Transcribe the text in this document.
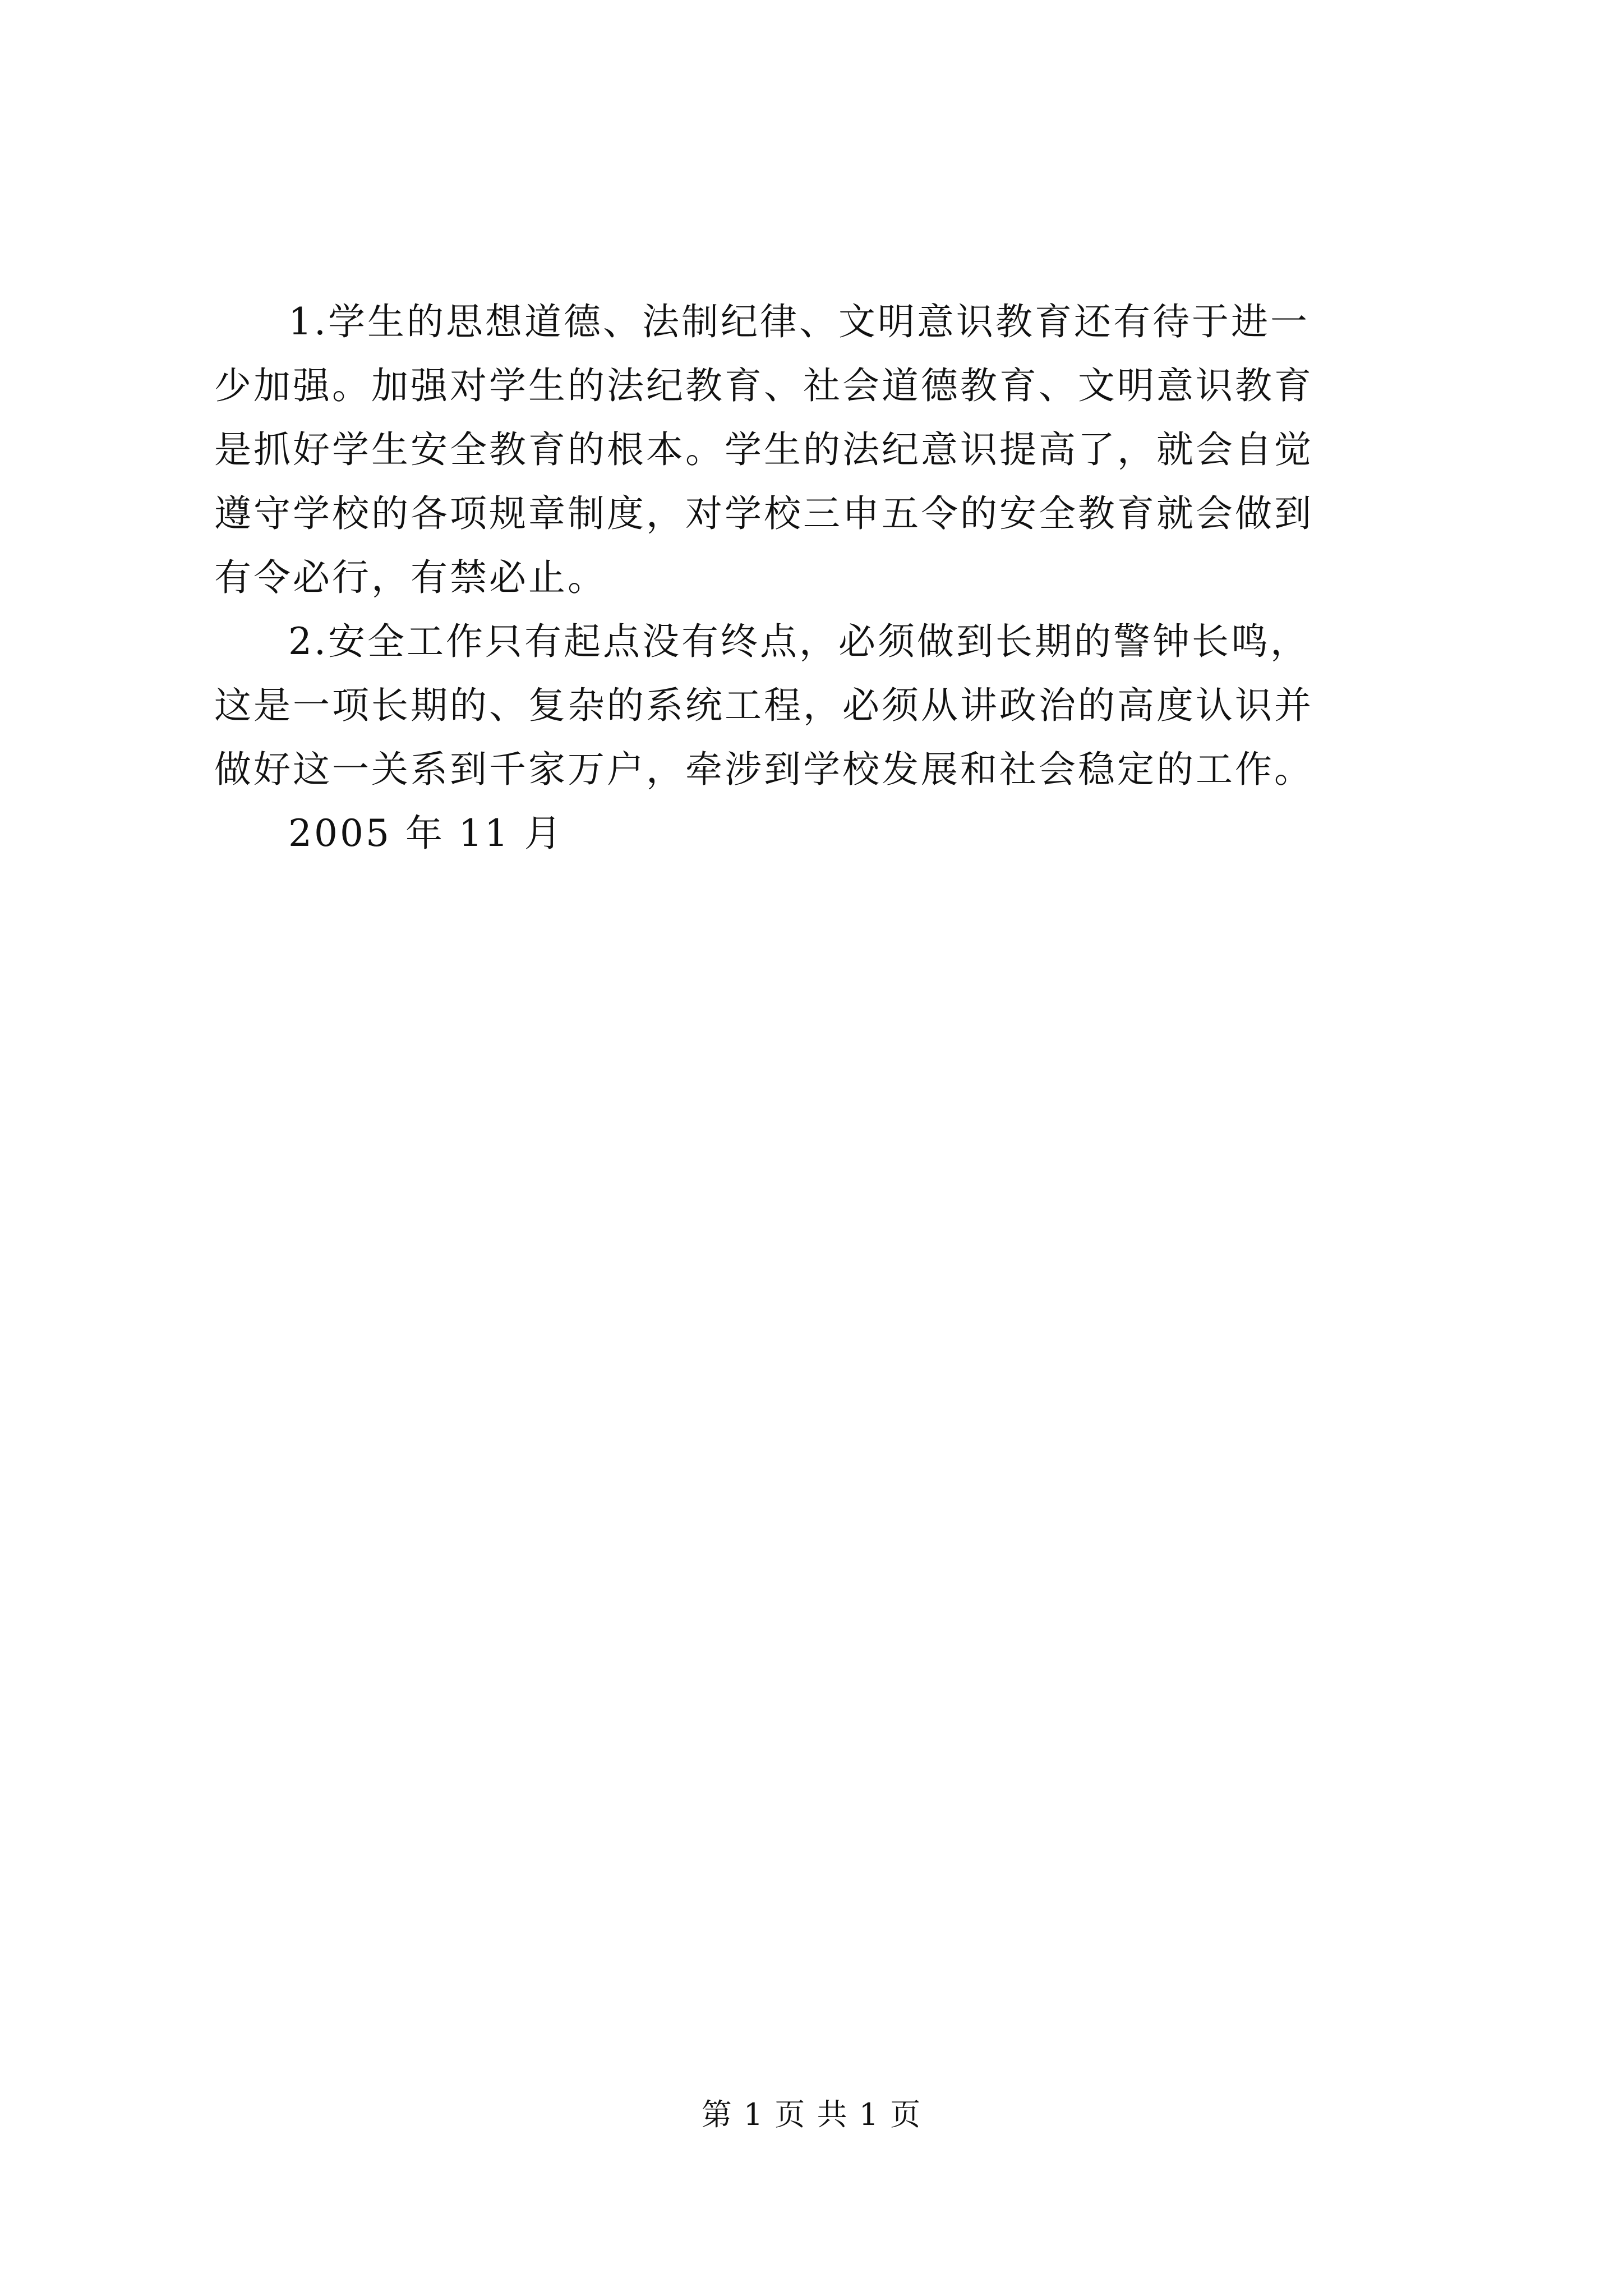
1.学生的思想道德、法制纪律、文明意识教育还有待于进一
少加强。加强对学生的法纪教育、社会道德教育、文明意识教育
是抓好学生安全教育的根本。学生的法纪意识提高了，就会自觉
遵守学校的各项规章制度，对学校三申五令的安全教育就会做到
有令必行，有禁必止。
2.安全工作只有起点没有终点，必须做到长期的警钟长鸣，
这是一项长期的、复杂的系统工程，必须从讲政治的高度认识并
做好这一关系到千家万户，牵涉到学校发展和社会稳定的工作。
2005 年 11 月
第 1 页 共 1 页
